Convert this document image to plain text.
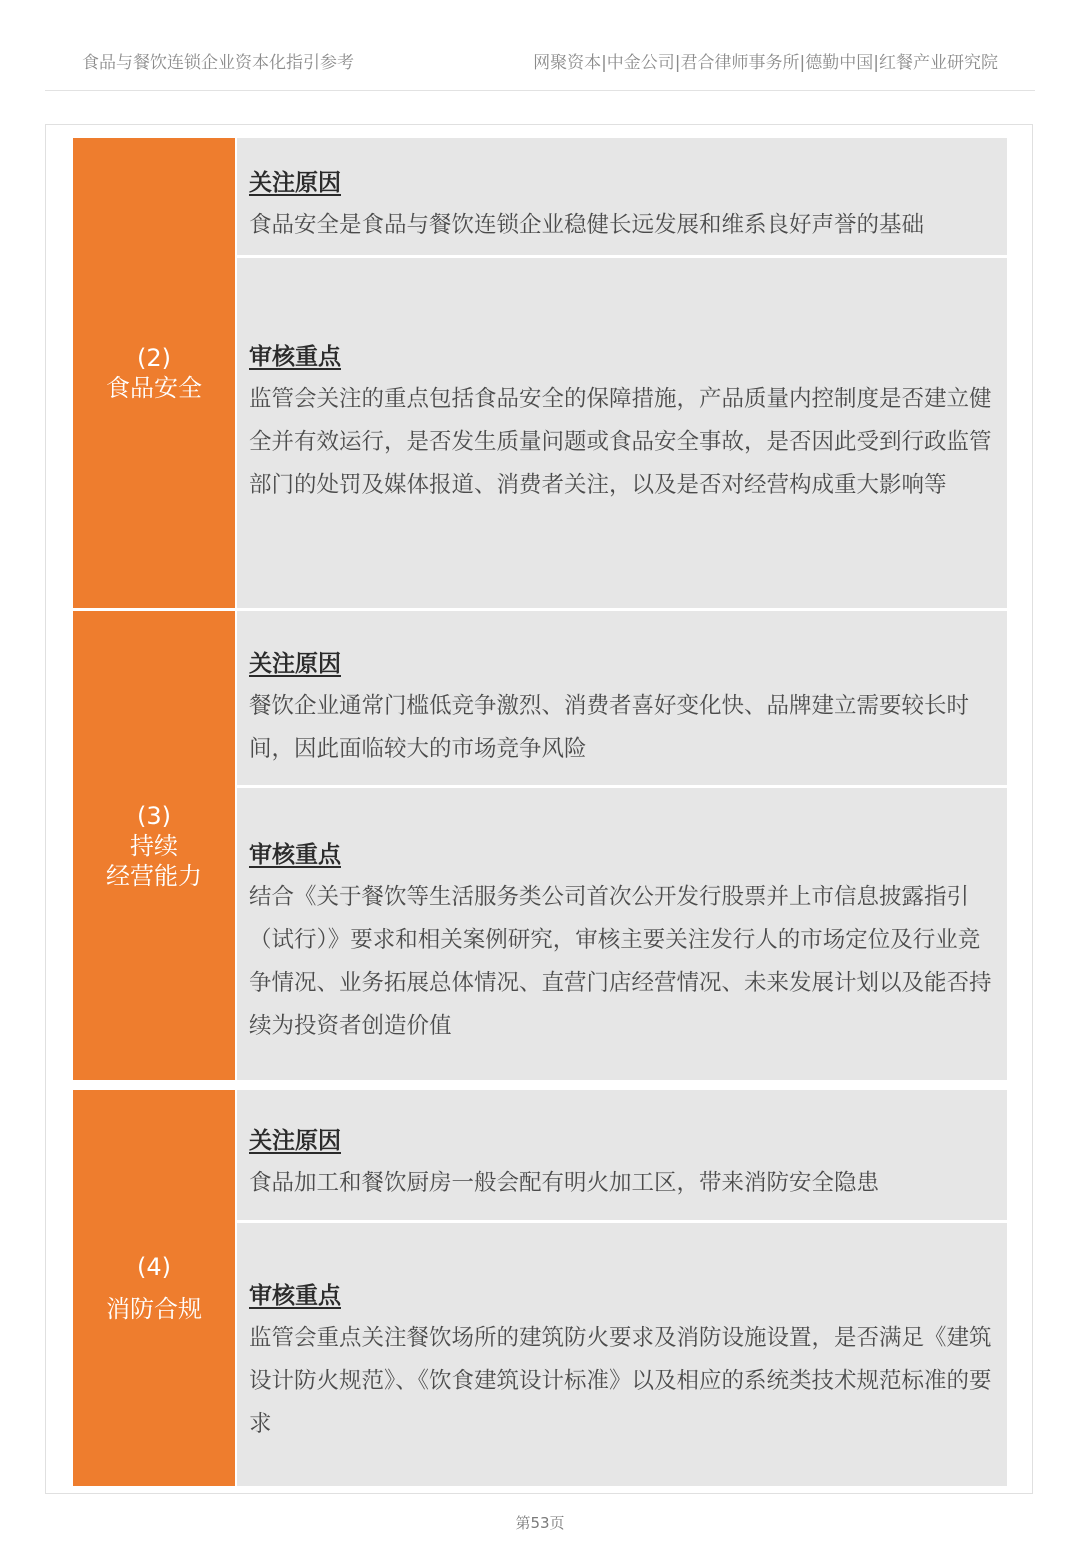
食品与餐饮连锁企业资本化指引参考	网聚资本|中金公司|君合律师事务所|德勤中国|红餐产业研究院
(2)
食品安全
关注原因
食品安全是食品与餐饮连锁企业稳健长远发展和维系良好声誉的基础
审核重点
监管会关注的重点包括食品安全的保障措施，产品质量内控制度是否建立健全并有效运行，是否发生质量问题或食品安全事故，是否因此受到行政监管部门的处罚及媒体报道、消费者关注，以及是否对经营构成重大影响等
(3)
持续
经营能力
关注原因
餐饮企业通常门槛低竞争激烈、消费者喜好变化快、品牌建立需要较长时间，因此面临较大的市场竞争风险
审核重点
结合《关于餐饮等生活服务类公司首次公开发行股票并上市信息披露指引（试行）》要求和相关案例研究，审核主要关注发行人的市场定位及行业竞争情况、业务拓展总体情况、直营门店经营情况、未来发展计划以及能否持续为投资者创造价值
(4)
消防合规
关注原因
食品加工和餐饮厨房一般会配有明火加工区，带来消防安全隐患
审核重点
监管会重点关注餐饮场所的建筑防火要求及消防设施设置，是否满足《建筑设计防火规范》、《饮食建筑设计标准》以及相应的系统类技术规范标准的要求
第53页
